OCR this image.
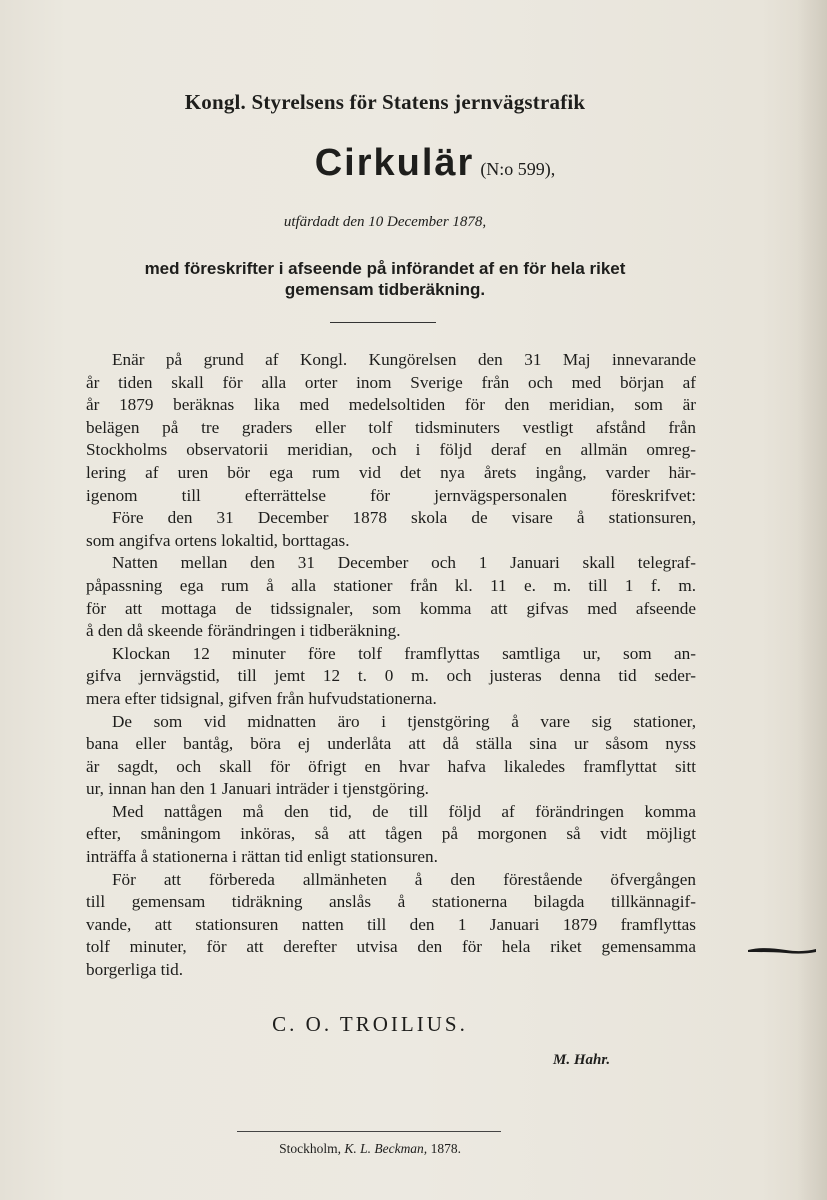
Kongl. Styrelsens för Statens jernvägstrafik
Cirkulär (N:o 599),
utfärdadt den 10 December 1878,
med föreskrifter i afseende på införandet af en för hela riket
gemensam tidberäkning.
Enär på grund af Kongl. Kungörelsen den 31 Maj innevarande
år tiden skall för alla orter inom Sverige från och med början af
år 1879 beräknas lika med medelsoltiden för den meridian, som är
belägen på tre graders eller tolf tidsminuters vestligt afstånd från
Stockholms observatorii meridian, och i följd deraf en allmän omreg-
lering af uren bör ega rum vid det nya årets ingång, varder här-
igenom till efterrättelse för jernvägspersonalen föreskrifvet:
Före den 31 December 1878 skola de visare å stationsuren,
som angifva ortens lokaltid, borttagas.
Natten mellan den 31 December och 1 Januari skall telegraf-
påpassning ega rum å alla stationer från kl. 11 e. m. till 1 f. m.
för att mottaga de tidssignaler, som komma att gifvas med afseende
å den då skeende förändringen i tidberäkning.
Klockan 12 minuter före tolf framflyttas samtliga ur, som an-
gifva jernvägstid, till jemt 12 t. 0 m. och justeras denna tid seder-
mera efter tidsignal, gifven från hufvudstationerna.
De som vid midnatten äro i tjenstgöring å vare sig stationer,
bana eller bantåg, böra ej underlåta att då ställa sina ur såsom nyss
är sagdt, och skall för öfrigt en hvar hafva likaledes framflyttat sitt
ur, innan han den 1 Januari inträder i tjenstgöring.
Med nattågen må den tid, de till följd af förändringen komma
efter, småningom inköras, så att tågen på morgonen så vidt möjligt
inträffa å stationerna i rättan tid enligt stationsuren.
För att förbereda allmänheten å den förestående öfvergången
till gemensam tidräkning anslås å stationerna bilagda tillkännagif-
vande, att stationsuren natten till den 1 Januari 1879 framflyttas
tolf minuter, för att derefter utvisa den för hela riket gemensamma
borgerliga tid.
C. O. TROILIUS.
M. Hahr.
Stockholm, K. L. Beckman, 1878.
